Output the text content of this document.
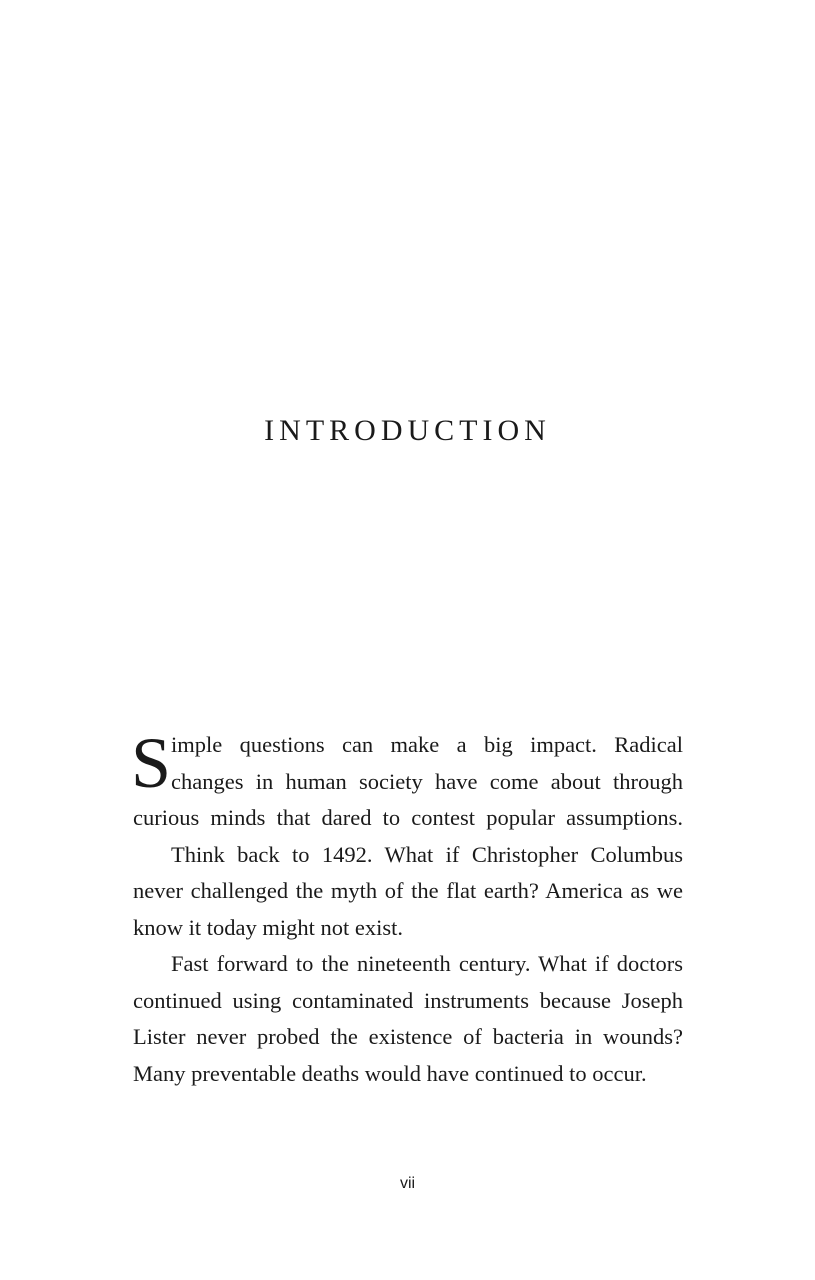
INTRODUCTION
S imple questions can make a big impact. Radical
changes in human society have come about through
curious minds that dared to contest popular assumptions.
Think back to 1492. What if Christopher Columbus
never challenged the myth of the flat earth? America as we
know it today might not exist.
Fast forward to the nineteenth century. What if doctors
continued using contaminated instruments because Joseph
Lister never probed the existence of bacteria in wounds?
Many preventable deaths would have continued to occur.
vii
